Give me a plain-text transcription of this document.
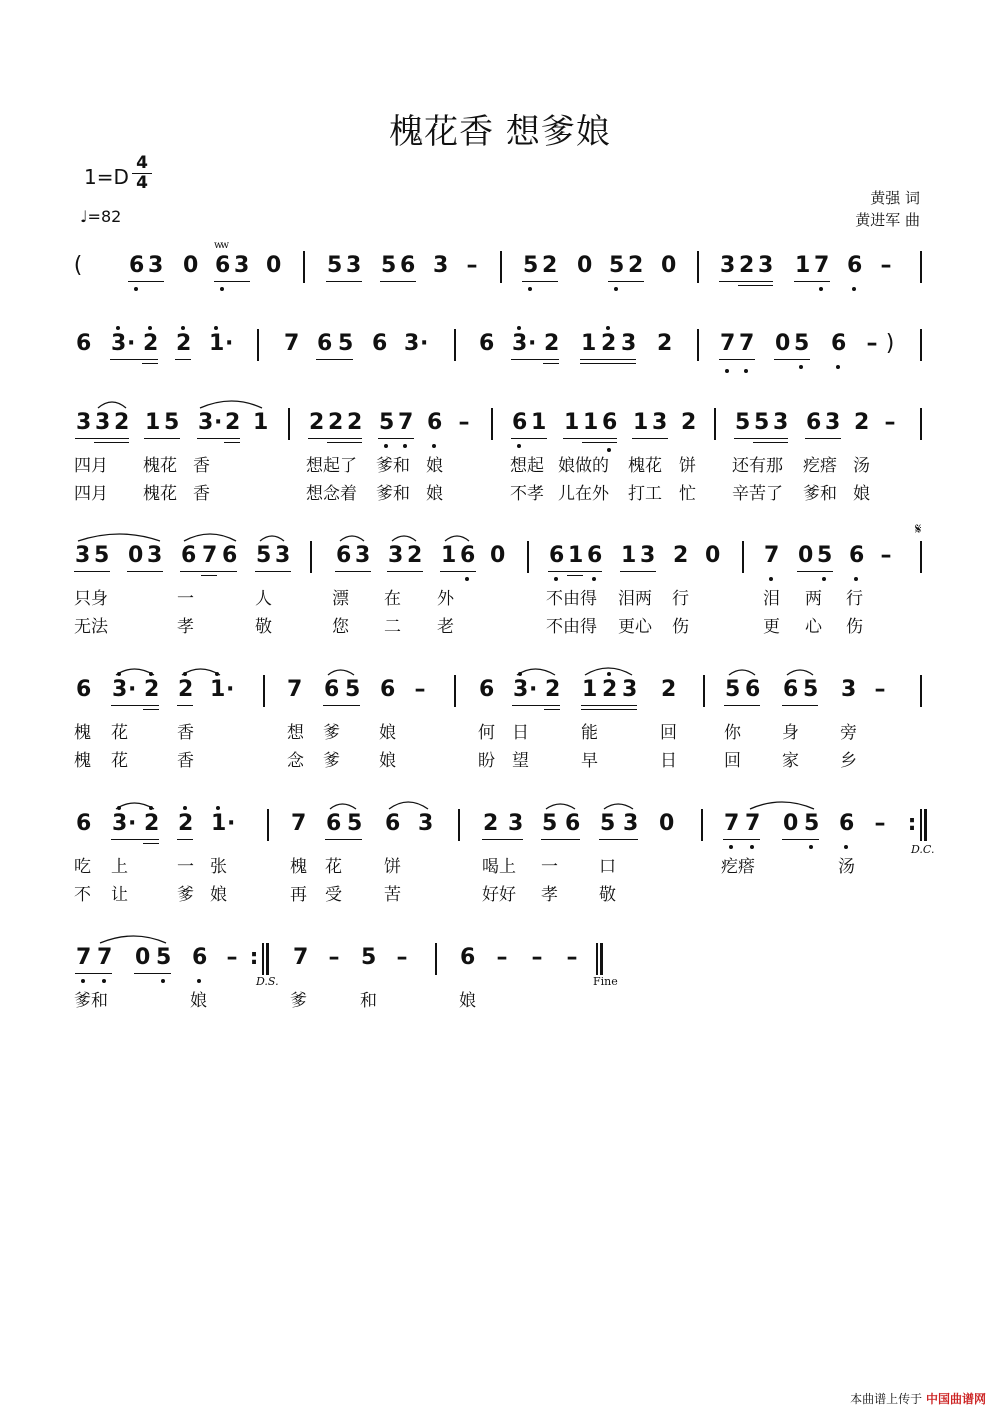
槐花香 想爹娘
1=D
4
4
♩=82
黄强 词
黄进军 曲
( 6 3 0 6 3 0 5 3 5 6 3 – 5 2 0 5 2 0 3 2 3 1 7 6 –
ww
6 3 · 2 2 1 · 7 6 5 6 3 · 6 3 · 2 1 2 3 2 7 7 0 5 6 – )
3 3 2 1 5 3 · 2 1 2 2 2 5 7 6 – 6 1 1 1 6 1 3 2 5 5 3 6 3 2 –
四月 槐花 香	想起了 爹和 娘	想起 娘做的 槐花 饼 还有那 疙瘩 汤
四月 槐花 香	想念着 爹和 娘	不孝 儿在外 打工 忙 辛苦了 爹和 娘
3 5 0 3 6 7 6 5 3 6 3 3 2 1 6 0 6 1 6 1 3 2 0 7 0 5 6 –
𝄋
只身	一	人	漂 在 外	不由得 泪两 行	泪 两 行
无法	孝	敬	您 二 老	不由得 更心 伤	更 心 伤
6 3 · 2 2 1 · 7 6 5 6 – 6 3 · 2 1 2 3 2 5 6 6 5 3 –
槐 花	香	想 爹 娘	何 日	能	回	你 身 旁
槐 花	香	念 爹 娘	盼 望	早	日	回 家 乡
6 3 · 2 2 1 ·	7 6 5 6 3 2 3 5 6 5 3 0 7 7 0 5 6 – :
D.C.
吃 上	一 张	槐 花 饼	喝上 一 口	疙瘩	汤
不 让	爹 娘	再 受 苦	好好 孝 敬
7 7 0 5 6 – : 7 – 5 – 6 – – –
D.S.	Fine
爹和	娘	爹	和	娘
本曲谱上传于 中国曲谱网
